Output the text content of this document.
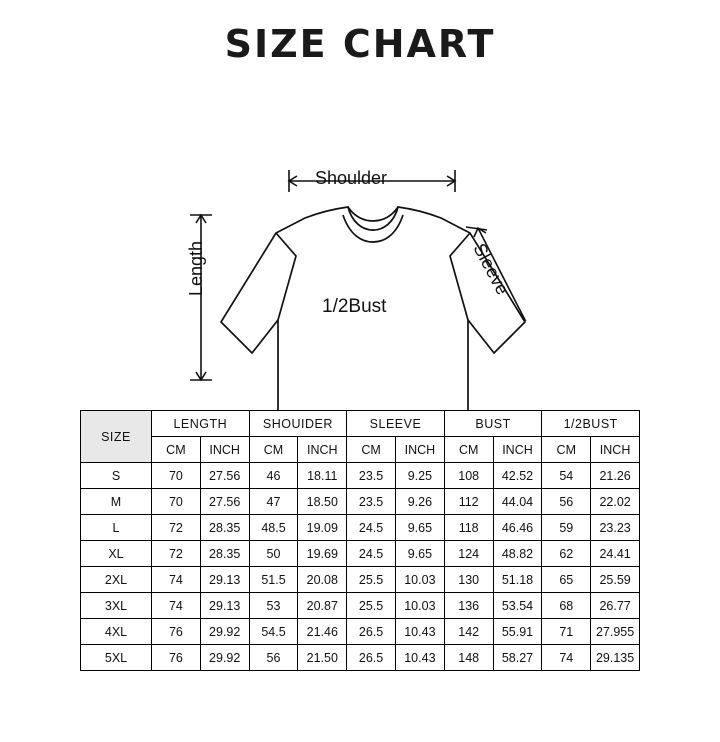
SIZE CHART
Shoulder
Length	Sleeve
1/2Bust
SIZE	LENGTH		SHOUIDER		SLEEVE		BUST		1/2BUST	
	CM	INCH	CM	INCH	CM	INCH	CM	INCH	CM	INCH
S	70	27.56	46	18.11	23.5	9.25	108	42.52	54	21.26
M	70	27.56	47	18.50	23.5	9.26	112	44.04	56	22.02
L	72	28.35	48.5	19.09	24.5	9.65	118	46.46	59	23.23
XL	72	28.35	50	19.69	24.5	9.65	124	48.82	62	24.41
2XL	74	29.13	51.5	20.08	25.5	10.03	130	51.18	65	25.59
3XL	74	29.13	53	20.87	25.5	10.03	136	53.54	68	26.77
4XL	76	29.92	54.5	21.46	26.5	10.43	142	55.91	71	27.955
5XL	76	29.92	56	21.50	26.5	10.43	148	58.27	74	29.135
